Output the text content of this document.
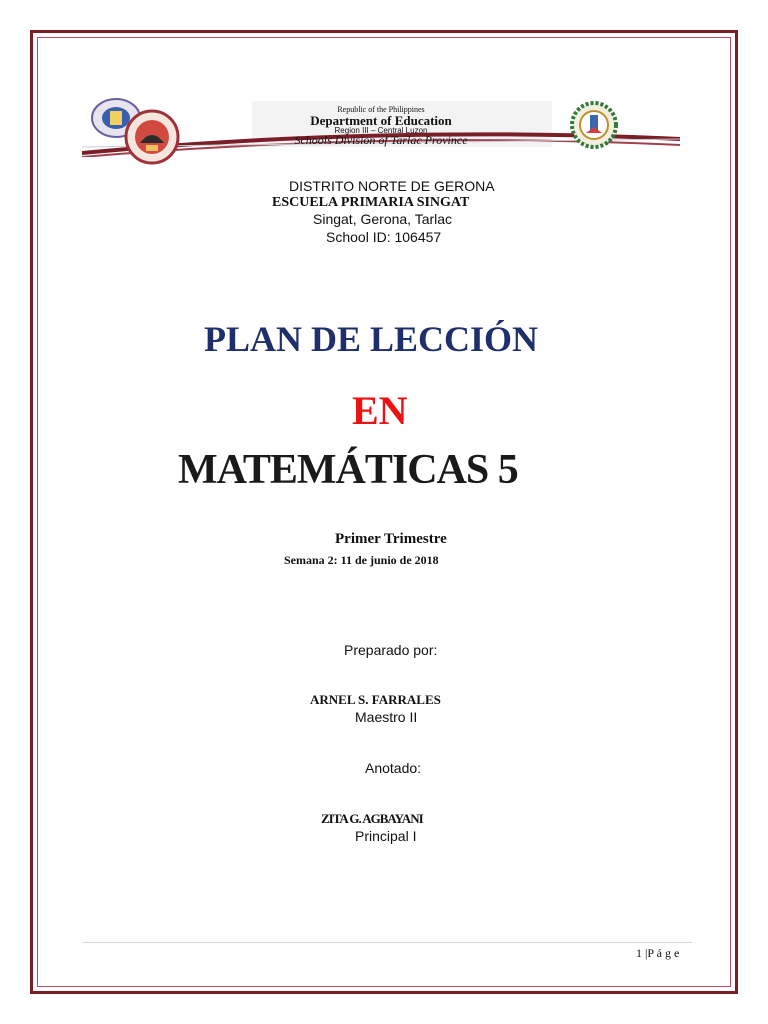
Republic of the Philippines
Department of Education
Region III – Central Luzon
Schools Division of Tarlac Province
DISTRITO NORTE DE GERONA
ESCUELA PRIMARIA SINGAT
Singat, Gerona, Tarlac
School ID: 106457
PLAN DE LECCIÓN
EN
MATEMÁTICAS 5
Primer Trimestre
Semana 2: 11 de junio de 2018
Preparado por:
ARNEL S. FARRALES
Maestro II
Anotado:
ZITA G. AGBAYANI
Principal I
1 |P á g e
